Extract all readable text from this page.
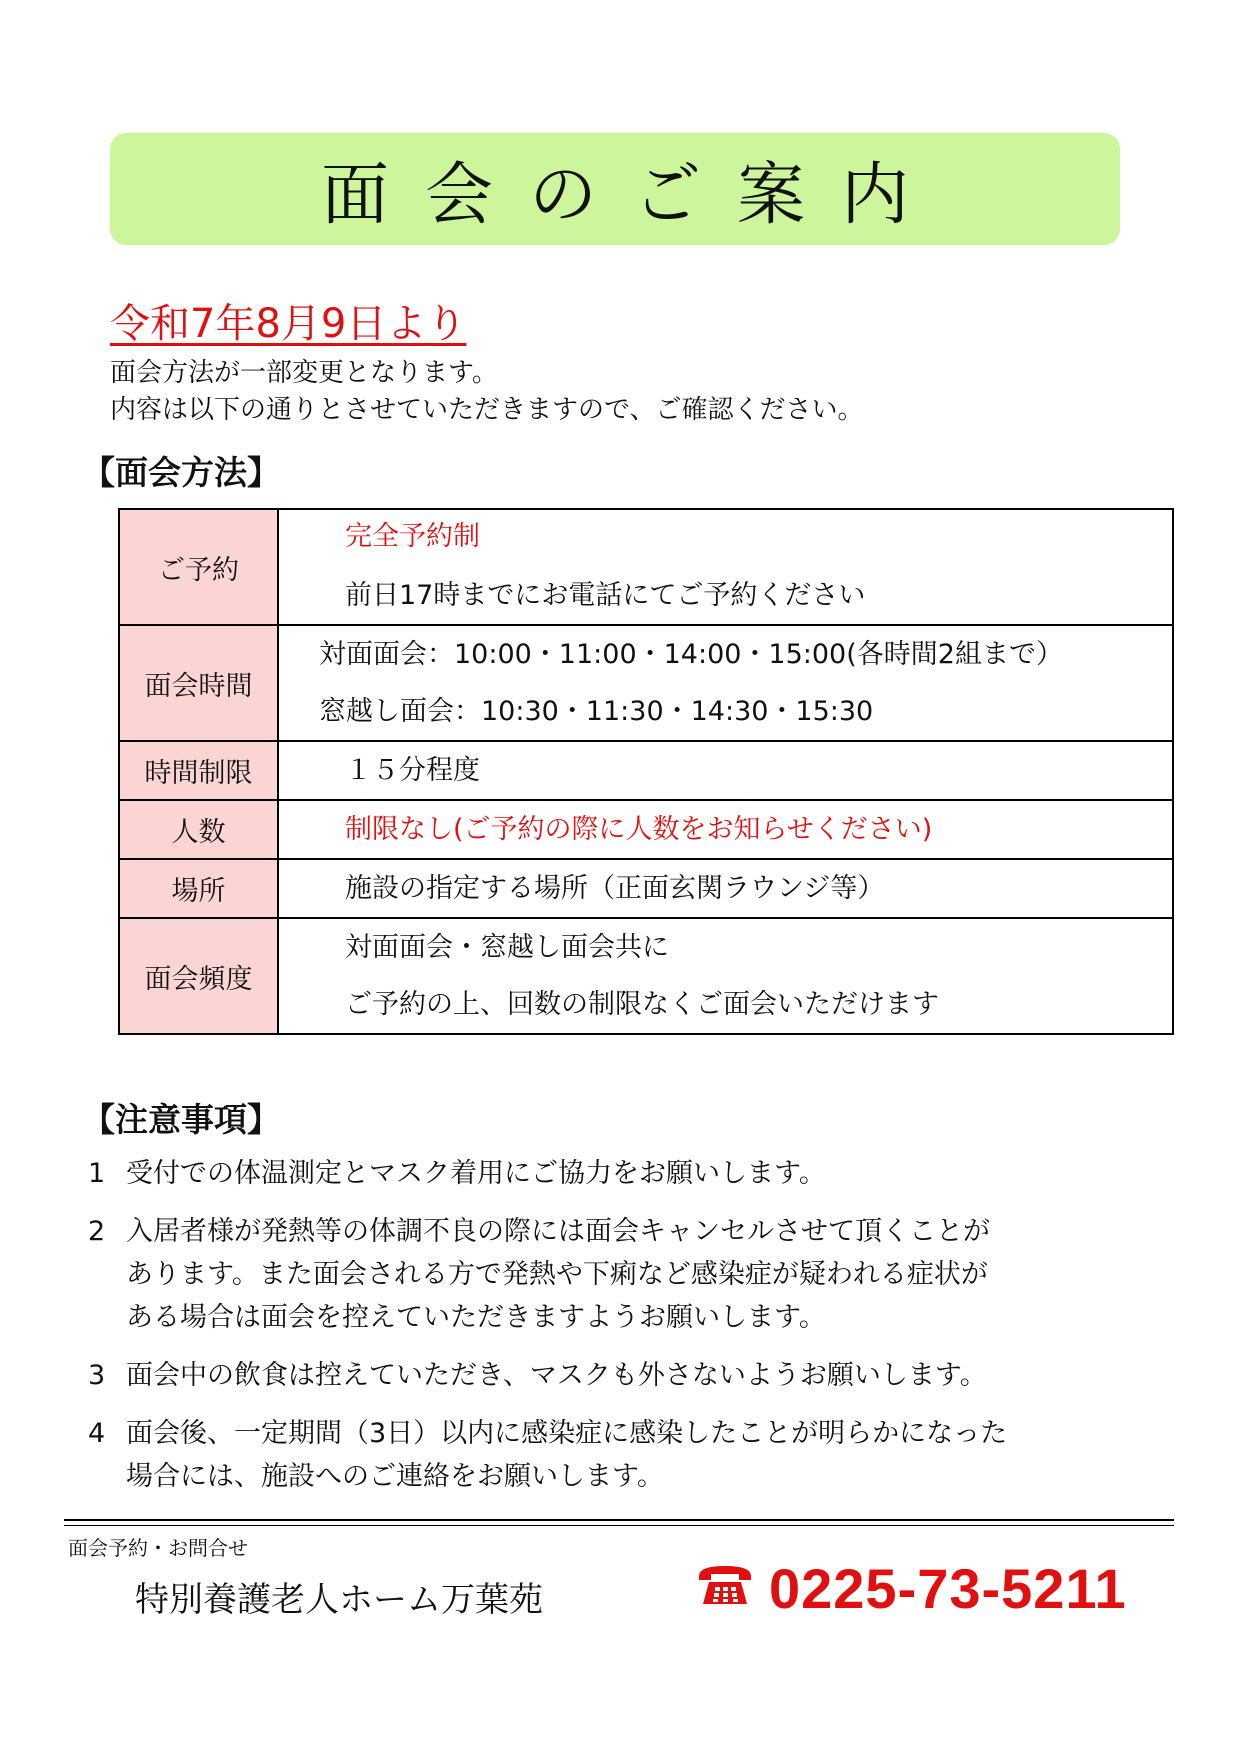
面会のご案内
令和7年8月9日より
面会方法が一部変更となります。
内容は以下の通りとさせていただきますので、ご確認ください。
【面会方法】
ご予約	完全予約制
前日17時までにお電話にてご予約ください

面会時間	対面面会：10:00・11:00・14:00・15:00(各時間2組まで）
窓越し面会：10:30・11:30・14:30・15:30

時間制限	１５分程度

人数	制限なし(ご予約の際に人数をお知らせください)

場所	施設の指定する場所（正面玄関ラウンジ等）

面会頻度	対面面会・窓越し面会共に
ご予約の上、回数の制限なくご面会いただけます
【注意事項】
1 受付での体温測定とマスク着用にご協力をお願いします。
2 入居者様が発熱等の体調不良の際には面会キャンセルさせて頂くことが
あります。また面会される方で発熱や下痢など感染症が疑われる症状が
ある場合は面会を控えていただきますようお願いします。
3 面会中の飲食は控えていただき、マスクも外さないようお願いします。
4 面会後、一定期間（3日）以内に感染症に感染したことが明らかになった
場合には、施設へのご連絡をお願いします。
面会予約・お問合せ
特別養護老人ホーム万葉苑	0225-73-5211
